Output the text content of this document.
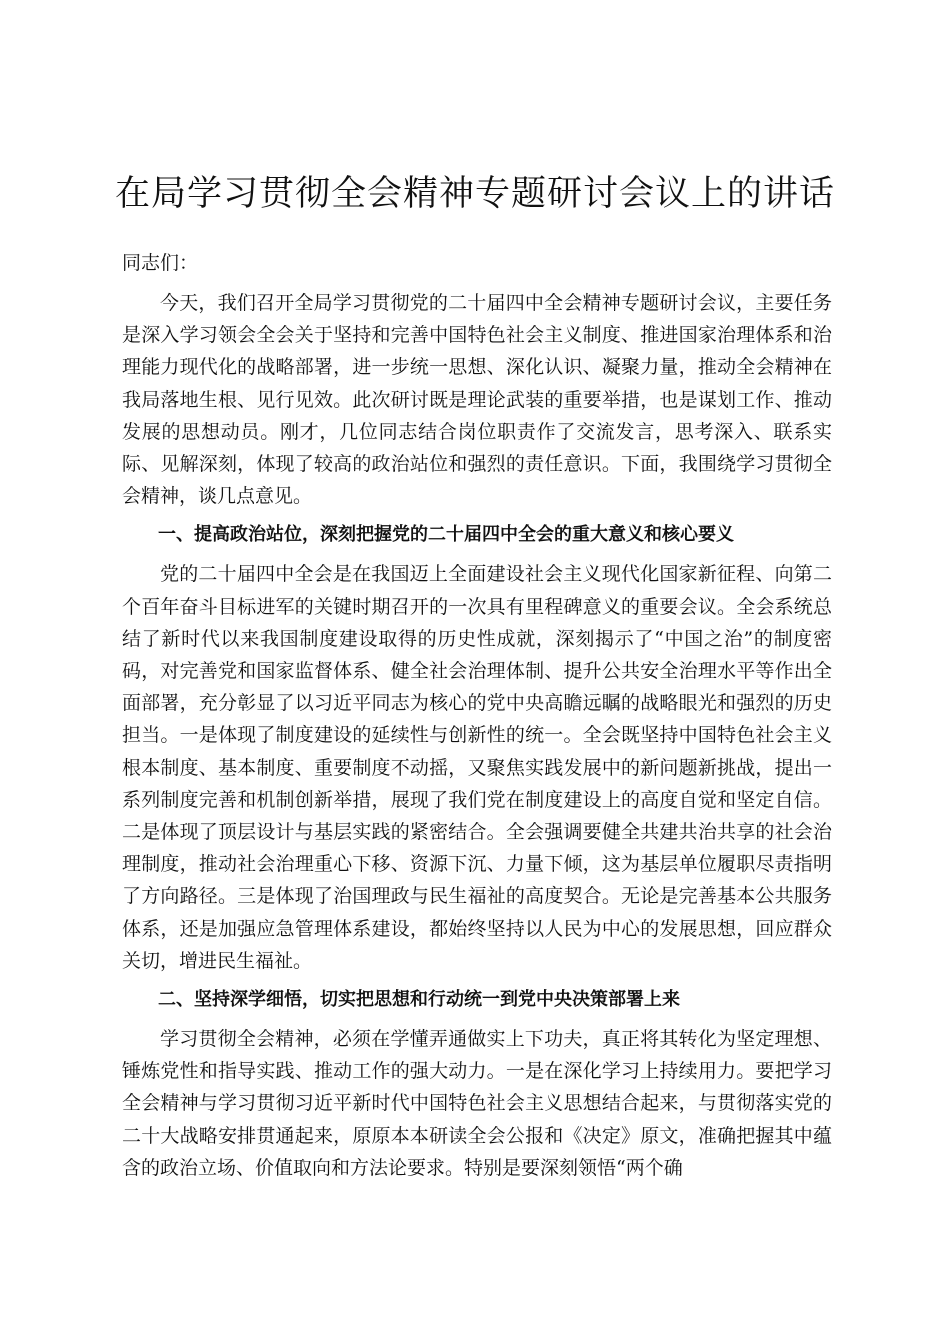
在局学习贯彻全会精神专题研讨会议上的讲话

同志们：

今天，我们召开全局学习贯彻党的二十届四中全会精神专题研讨会议，主要任务是深入学习领会全会关于坚持和完善中国特色社会主义制度、推进国家治理体系和治理能力现代化的战略部署，进一步统一思想、深化认识、凝聚力量，推动全会精神在我局落地生根、见行见效。此次研讨既是理论武装的重要举措，也是谋划工作、推动发展的思想动员。刚才，几位同志结合岗位职责作了交流发言，思考深入、联系实际、见解深刻，体现了较高的政治站位和强烈的责任意识。下面，我围绕学习贯彻全会精神，谈几点意见。

一、提高政治站位，深刻把握党的二十届四中全会的重大意义和核心要义

党的二十届四中全会是在我国迈上全面建设社会主义现代化国家新征程、向第二个百年奋斗目标进军的关键时期召开的一次具有里程碑意义的重要会议。全会系统总结了新时代以来我国制度建设取得的历史性成就，深刻揭示了“中国之治”的制度密码，对完善党和国家监督体系、健全社会治理体制、提升公共安全治理水平等作出全面部署，充分彰显了以习近平同志为核心的党中央高瞻远瞩的战略眼光和强烈的历史担当。一是体现了制度建设的延续性与创新性的统一。全会既坚持中国特色社会主义根本制度、基本制度、重要制度不动摇，又聚焦实践发展中的新问题新挑战，提出一系列制度完善和机制创新举措，展现了我们党在制度建设上的高度自觉和坚定自信。二是体现了顶层设计与基层实践的紧密结合。全会强调要健全共建共治共享的社会治理制度，推动社会治理重心下移、资源下沉、力量下倾，这为基层单位履职尽责指明了方向路径。三是体现了治国理政与民生福祉的高度契合。无论是完善基本公共服务体系，还是加强应急管理体系建设，都始终坚持以人民为中心的发展思想，回应群众关切，增进民生福祉。

二、坚持深学细悟，切实把思想和行动统一到党中央决策部署上来

学习贯彻全会精神，必须在学懂弄通做实上下功夫，真正将其转化为坚定理想、锤炼党性和指导实践、推动工作的强大动力。一是在深化学习上持续用力。要把学习全会精神与学习贯彻习近平新时代中国特色社会主义思想结合起来，与贯彻落实党的二十大战略安排贯通起来，原原本本研读全会公报和《决定》原文，准确把握其中蕴含的政治立场、价值取向和方法论要求。特别是要深刻领悟“两个确
